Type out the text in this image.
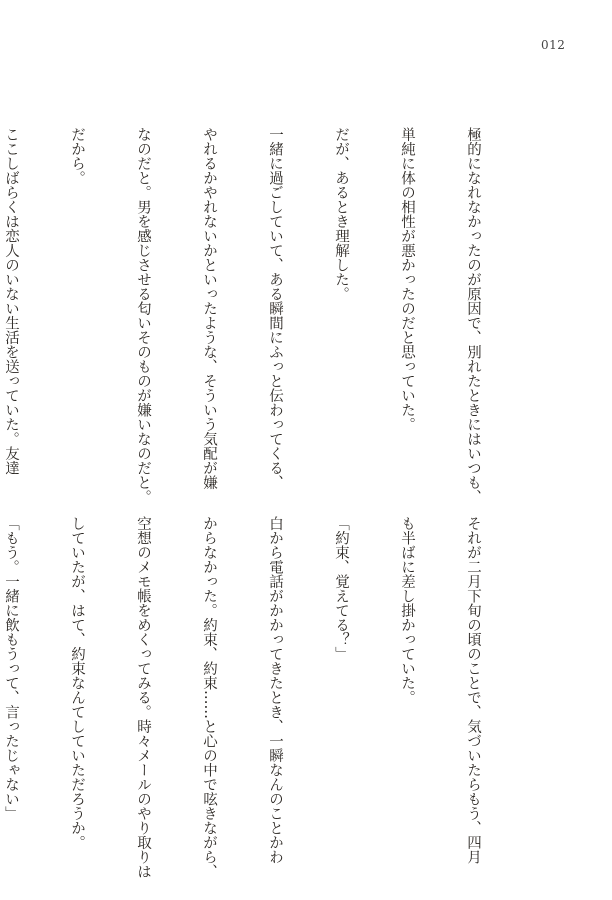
012

極的になれなかったのが原因で、別れたときにはいつも、

単純に体の相性が悪かったのだと思っていた。

だが、あるとき理解した。

一緒に過ごしていて、ある瞬間にふっと伝わってくる、

やれるかやれないかといったような、そういう気配が嫌

なのだと。男を感じさせる匂いそのものが嫌いなのだと。

だから。

ここしばらくは恋人のいない生活を送っていた。友達

それが二月下旬の頃のことで、気づいたらもう、四月

も半ばに差し掛かっていた。

「約束、覚えてる？」

白から電話がかかってきたとき、一瞬なんのことかわ

からなかった。約束、約束……と心の中で呟きながら、

空想のメモ帳をめくってみる。時々メールのやり取りは

していたが、はて、約束なんてしていただろうか。

「もう。一緒に飲もうって、言ったじゃない」
